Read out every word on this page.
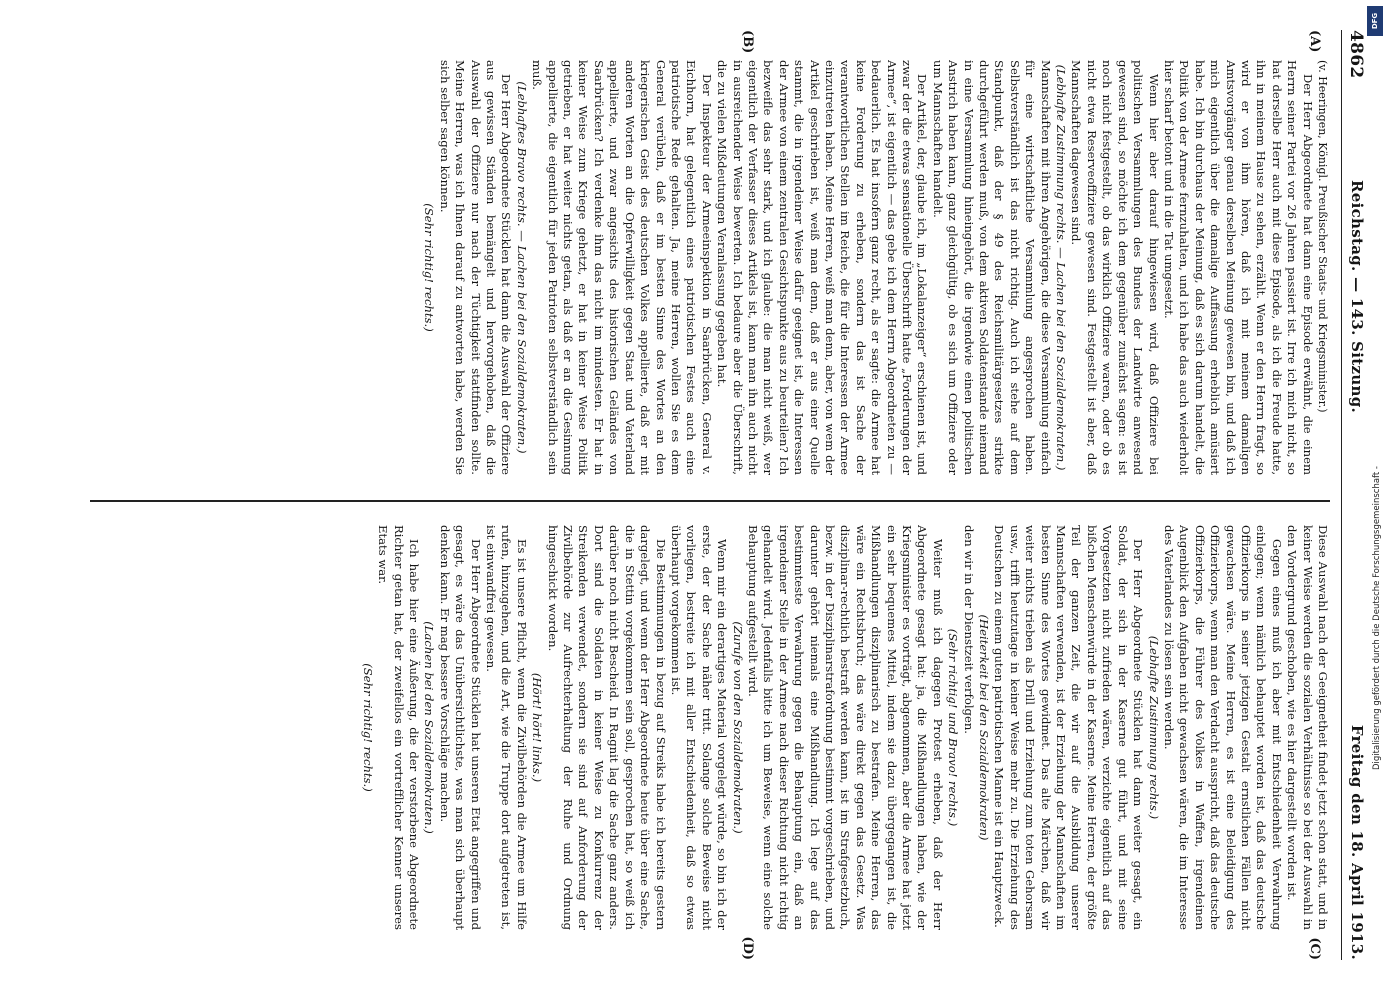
4862
Reichstag. — 143. Sitzung.
Freitag den 18. April 1913.
(A)
(B)
(C)
(D)

(v. Heeringen, Königl. Preußischer Staats- und Kriegsminister.)

Der Herr Abgeordnete hat dann eine Episode erwähnt, die einem Herrn seiner Partei vor 26 Jahren passiert ist. Irre ich mich nicht, so hat derselbe Herr auch mit diese Episode, als ich die Freude hatte, ihn in meinem Hause zu sehen, erzählt. Wenn er den Herrn fragt, so wird er von ihm hören, daß ich mit meinem damaligen Amtsvorgänger genau derselben Meinung gewesen bin, und daß ich mich eigentlich über die damalige Auffassung erheblich amüsiert habe. Ich bin durchaus der Meinung, daß es sich darum handelt, die Politik von der Armee fernzuhalten, und ich habe das auch wiederholt hier scharf betont und in die Tat umgesetzt.

Wenn hier aber darauf hingewiesen wird, daß Offiziere bei politischen Versammlungen des Bundes der Landwirte anwesend gewesen sind, so möchte ich dem gegenüber zunächst sagen: es ist noch nicht festgestellt, ob das wirklich Offiziere waren, oder ob es nicht etwa Reserveoffiziere gewesen sind. Festgestellt ist aber, daß Mannschaften dagewesen sind.

(Lebhafte Zustimmung rechts. — Lachen bei den Sozialdemokraten.)

Mannschaften mit ihren Angehörigen, die diese Versammlung einfach für eine wirtschaftliche Versammlung angesprochen haben. Selbstverständlich ist das nicht richtig. Auch ich stehe auf dem Standpunkt, daß der § 49 des Reichsmilitärgesetzes strikte durchgeführt werden muß, von dem aktiven Soldatenstande niemand in eine Versammlung hineingehört, die irgendwie einen politischen Anstrich haben kann, ganz gleichgültig, ob es sich um Offiziere oder um Mannschaften handelt.

Der Artikel, der, glaube ich, im „Lokalanzeiger“ erschienen ist, und zwar der die etwas sensationelle Überschrift hatte „Forderungen der Armee“, ist eigentlich — das gebe ich dem Herrn Abgeordneten zu — bedauerlich. Es hat insofern ganz recht, als er sagte: die Armee hat keine Forderung zu erheben, sondern das ist Sache der verantwortlichen Stellen im Reiche, die für die Interessen der Armee einzutreten haben. Meine Herren, weiß man denn, aber, von wem der Artikel geschrieben ist, weiß man denn, daß er aus einer Quelle stammt, die in irgendeiner Weise dafür geeignet ist, die Interessen der Armee von einem zentralen Gesichtspunkte aus zu beurteilen? Ich bezweifle das sehr stark, und ich glaube: die man nicht weiß, wer eigentlich der Verfasser dieses Artikels ist, kann man ihn auch nicht in ausreichender Weise bewerten. Ich bedaure aber die Überschrift, die zu vielen Mißdeutungen Veranlassung gegeben hat.

Der Inspekteur der Armeeinspektion in Saarbrücken, General v. Eichhorn, hat gelegentlich eines patriotischen Festes auch eine patriotische Rede gehalten. Ja, meine Herren, wollen Sie es dem General verübeln, daß er im besten Sinne des Wortes an den kriegerischen Geist des deutschen Volkes appellierte, daß er mit anderen Worten an die Opferwilligkeit gegen Staat und Vaterland appellierte, und zwar angesichts des historischen Geländes von Saarbrücken? Ich verdenke ihm das nicht im mindesten. Er hat in keiner Weise zum Kriege gehetzt, er hat in keiner Weise Politik getrieben, er hat weiter nichts getan, als daß er an die Gesinnung appellierte, die eigentlich für jeden Patrioten selbstverständlich sein muß.

(Lebhaftes Bravo rechts. — Lachen bei den Sozialdemokraten.)

Der Herr Abgeordnete Stücklen hat dann die Auswahl der Offiziere aus gewissen Ständen bemängelt und hervorgehoben, daß die Auswahl der Offiziere nur nach der Tüchtigkeit stattfinden sollte. Meine Herren, was ich Ihnen darauf zu antworten habe, werden Sie sich selber sagen können.

(Sehr richtig! rechts.)

Diese Auswahl nach der Geeignetheit findet jetzt schon statt, und in keiner Weise werden die sozialen Verhältnisse so bei der Auswahl in den Vordergrund geschoben, wie es hier dargestellt worden ist.

Gegen eines muß ich aber mit Entschiedenheit Verwahrung einlegen; wenn nämlich behauptet worden ist, daß das deutsche Offizierkorps in seiner jetzigen Gestalt ernstlichen Fällen nicht gewachsen wäre. Meine Herren, es ist eine Beleidigung des Offizierkorps, wenn man den Verdacht ausspricht, daß das deutsche Offizierkorps, die Führer des Volkes in Waffen, irgendeinen Augenblick den Aufgaben nicht gewachsen wären, die im Interesse des Vaterlandes zu lösen sein werden.

(Lebhafte Zustimmung rechts.)

Der Herr Abgeordnete Stücklen hat dann weiter gesagt, ein Soldat, der sich in der Kaserne gut führt, und mit seine Vorgesetzten nicht zufrieden wären, verzichte eigentlich auf das bißchen Menschenwürde in der Kaserne. Meine Herren, der größte Teil der ganzen Zeit, die wir auf die Ausbildung unserer Mannschaften verwenden, ist der Erziehung der Mannschaften im besten Sinne des Wortes gewidmet. Das alte Märchen, daß wir weiter nichts trieben als Drill und Erziehung zum toten Gehorsam usw., trifft heutzutage in keiner Weise mehr zu. Die Erziehung des Deutschen zu einem guten patriotischen Manne ist ein Hauptzweck.

(Heiterkeit bei den Sozialdemokraten)

den wir in der Dienstzeit verfolgen.

(Sehr richtig! und Bravo! rechts.)

Weiter muß ich dagegen Protest erheben, daß der Herr Abgeordnete gesagt hat: ja, die Mißhandlungen haben, wie der Kriegsminister es vorträgt, abgenommen, aber die Armee hat jetzt ein sehr bequemes Mittel, indem sie dazu übergegangen ist, die Mißhandlungen disziplinarisch zu bestrafen. Meine Herren, das wäre ein Rechtsbruch; das wäre direkt gegen das Gesetz. Was disziplinar-rechtlich bestraft werden kann, ist im Strafgesetzbuch, bezw. in der Disziplinarstrafordnung bestimmt vorgeschrieben, und darunter gehört niemals eine Mißhandlung. Ich lege auf das bestimmteste Verwahrung gegen die Behauptung ein, daß an irgendeiner Stelle in der Armee nach dieser Richtung nicht richtig gehandelt wird. Jedenfalls bitte ich um Beweise, wenn eine solche Behauptung aufgestellt wird.

(Zurufe von den Sozialdemokraten.)

Wenn mir ein derartiges Material vorgelegt würde, so bin ich der erste, der der Sache näher tritt. Solange solche Beweise nicht vorliegen, bestreite ich mit aller Entschiedenheit, daß so etwas überhaupt vorgekommen ist.

Die Bestimmungen in bezug auf Streiks habe ich bereits gestern dargelegt, und wenn der Herr Abgeordnete heute über eine Sache, die in Stettin vorgekommen sein soll, gesprochen hat, so weiß ich darüber noch nicht Bescheid. In Ragnit lag die Sache ganz anders. Dort sind die Soldaten in keiner Weise zu Konkurrenz der Streikenden verwendet, sondern sie sind auf Anforderung der Zivilbehörde zur Aufrechterhaltung der Ruhe und Ordnung hingeschickt worden.

(Hört! hört! links.)

Es ist unsere Pflicht, wenn die Zivilbehörden die Armee um Hilfe rufen, hinzugehen, und die Art, wie die Truppe dort aufgetreten ist, ist einwandfrei gewesen.

Der Herr Abgeordnete Stücklen hat unseren Etat angegriffen und gesagt, es wäre das Unübersichtlichste, was man sich überhaupt denken kann. Er mag bessere Vorschläge machen.

(Lachen bei den Sozialdemokraten.)

Ich habe hier eine Äußerung, die der verstorbene Abgeordnete Richter getan hat, der zweifellos ein vortrefflicher Kenner unseres Etats war.

(Sehr richtig! rechts.)

DFG
Digitalisierung gefördert durch die Deutsche Forschungsgemeinschaft -
